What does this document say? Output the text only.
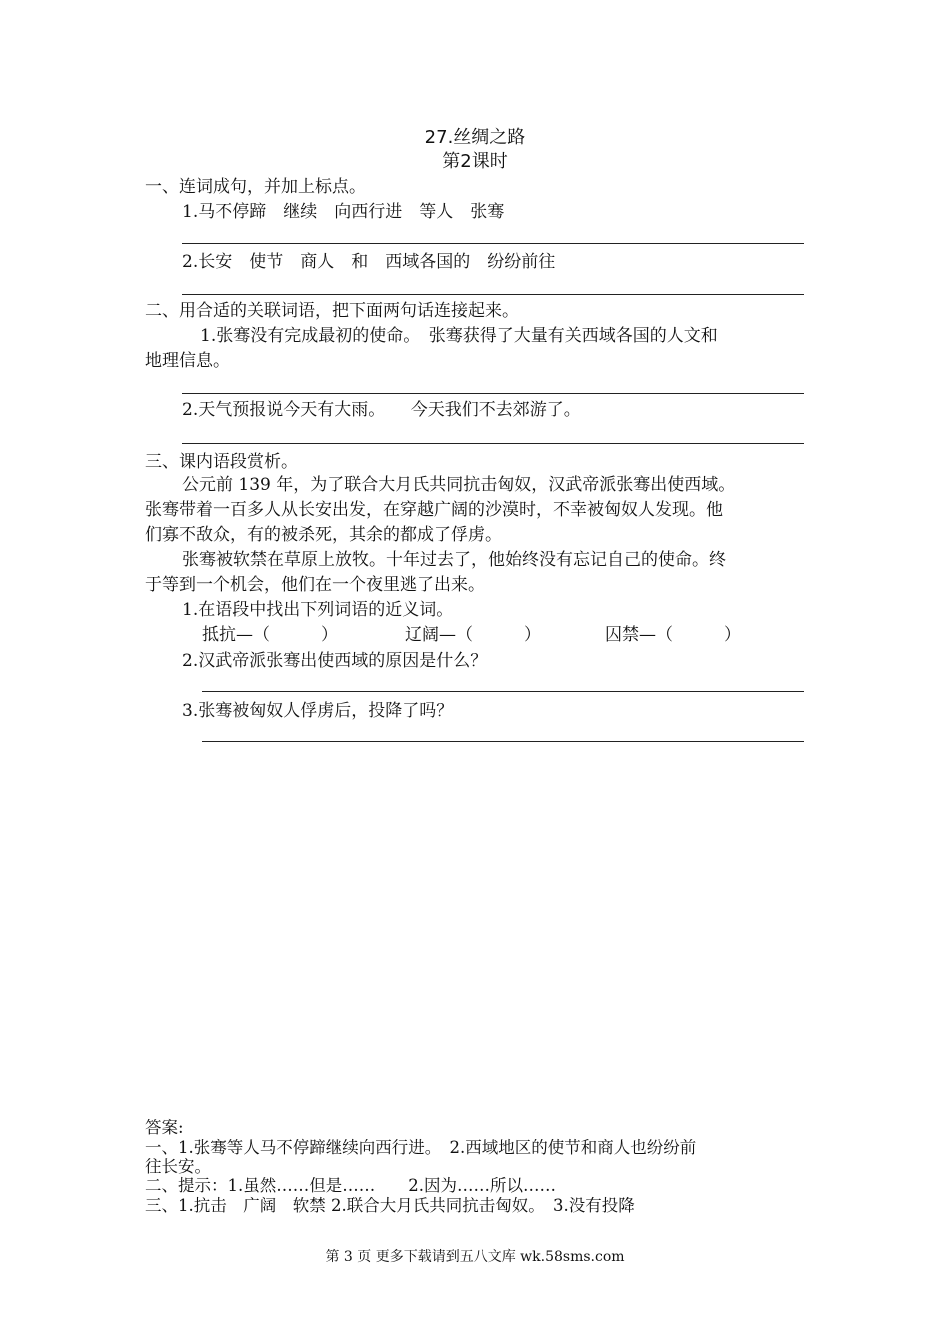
27.丝绸之路
第2课时
一、连词成句，并加上标点。
1.马不停蹄　继续　向西行进　等人　张骞
2.长安　使节　商人　和　西域各国的　纷纷前往
二、用合适的关联词语，把下面两句话连接起来。
1.张骞没有完成最初的使命。　张骞获得了大量有关西域各国的人文和
地理信息。
2.天气预报说今天有大雨。　　今天我们不去郊游了。
三、课内语段赏析。
公元前 139 年，为了联合大月氏共同抗击匈奴，汉武帝派张骞出使西域。
张骞带着一百多人从长安出发，在穿越广阔的沙漠时，不幸被匈奴人发现。他
们寡不敌众，有的被杀死，其余的都成了俘虏。
张骞被软禁在草原上放牧。十年过去了，他始终没有忘记自己的使命。终
于等到一个机会，他们在一个夜里逃了出来。
1.在语段中找出下列词语的近义词。
抵抗—（　　　）	辽阔—（　　　）	囚禁—（　　　）
2.汉武帝派张骞出使西域的原因是什么？
3.张骞被匈奴人俘虏后，投降了吗？
答案:
一、1.张骞等人马不停蹄继续向西行进。　2.西域地区的使节和商人也纷纷前
往长安。
二、提示：1.虽然……但是……　　2.因为……所以……
三、1.抗击　广阔　软禁 2.联合大月氏共同抗击匈奴。　3.没有投降
第 3 页 更多下载请到五八文库 wk.58sms.com
